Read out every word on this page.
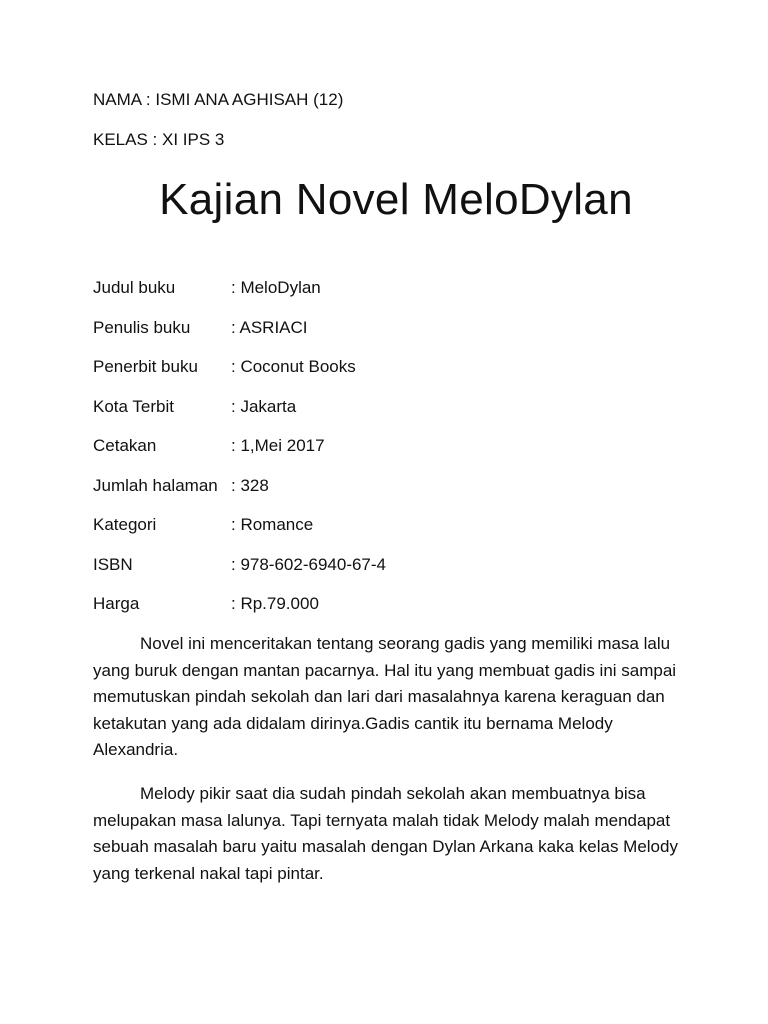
NAMA : ISMI ANA AGHISAH (12)
KELAS : XI IPS 3
Kajian Novel MeloDylan
Judul buku	: MeloDylan
Penulis buku : ASRIACI
Penerbit buku : Coconut Books
Kota Terbit	: Jakarta
Cetakan	: 1,Mei 2017
Jumlah halaman : 328
Kategori	: Romance
ISBN	: 978-602-6940-67-4
Harga	: Rp.79.000

Novel ini menceritakan tentang seorang gadis yang memiliki masa lalu yang buruk dengan mantan pacarnya. Hal itu yang membuat gadis ini sampai memutuskan pindah sekolah dan lari dari masalahnya karena keraguan dan ketakutan yang ada didalam dirinya.Gadis cantik itu bernama Melody Alexandria.

Melody pikir saat dia sudah pindah sekolah akan membuatnya bisa melupakan masa lalunya. Tapi ternyata malah tidak Melody malah mendapat sebuah masalah baru yaitu masalah dengan Dylan Arkana kaka kelas Melody yang terkenal nakal tapi pintar.
